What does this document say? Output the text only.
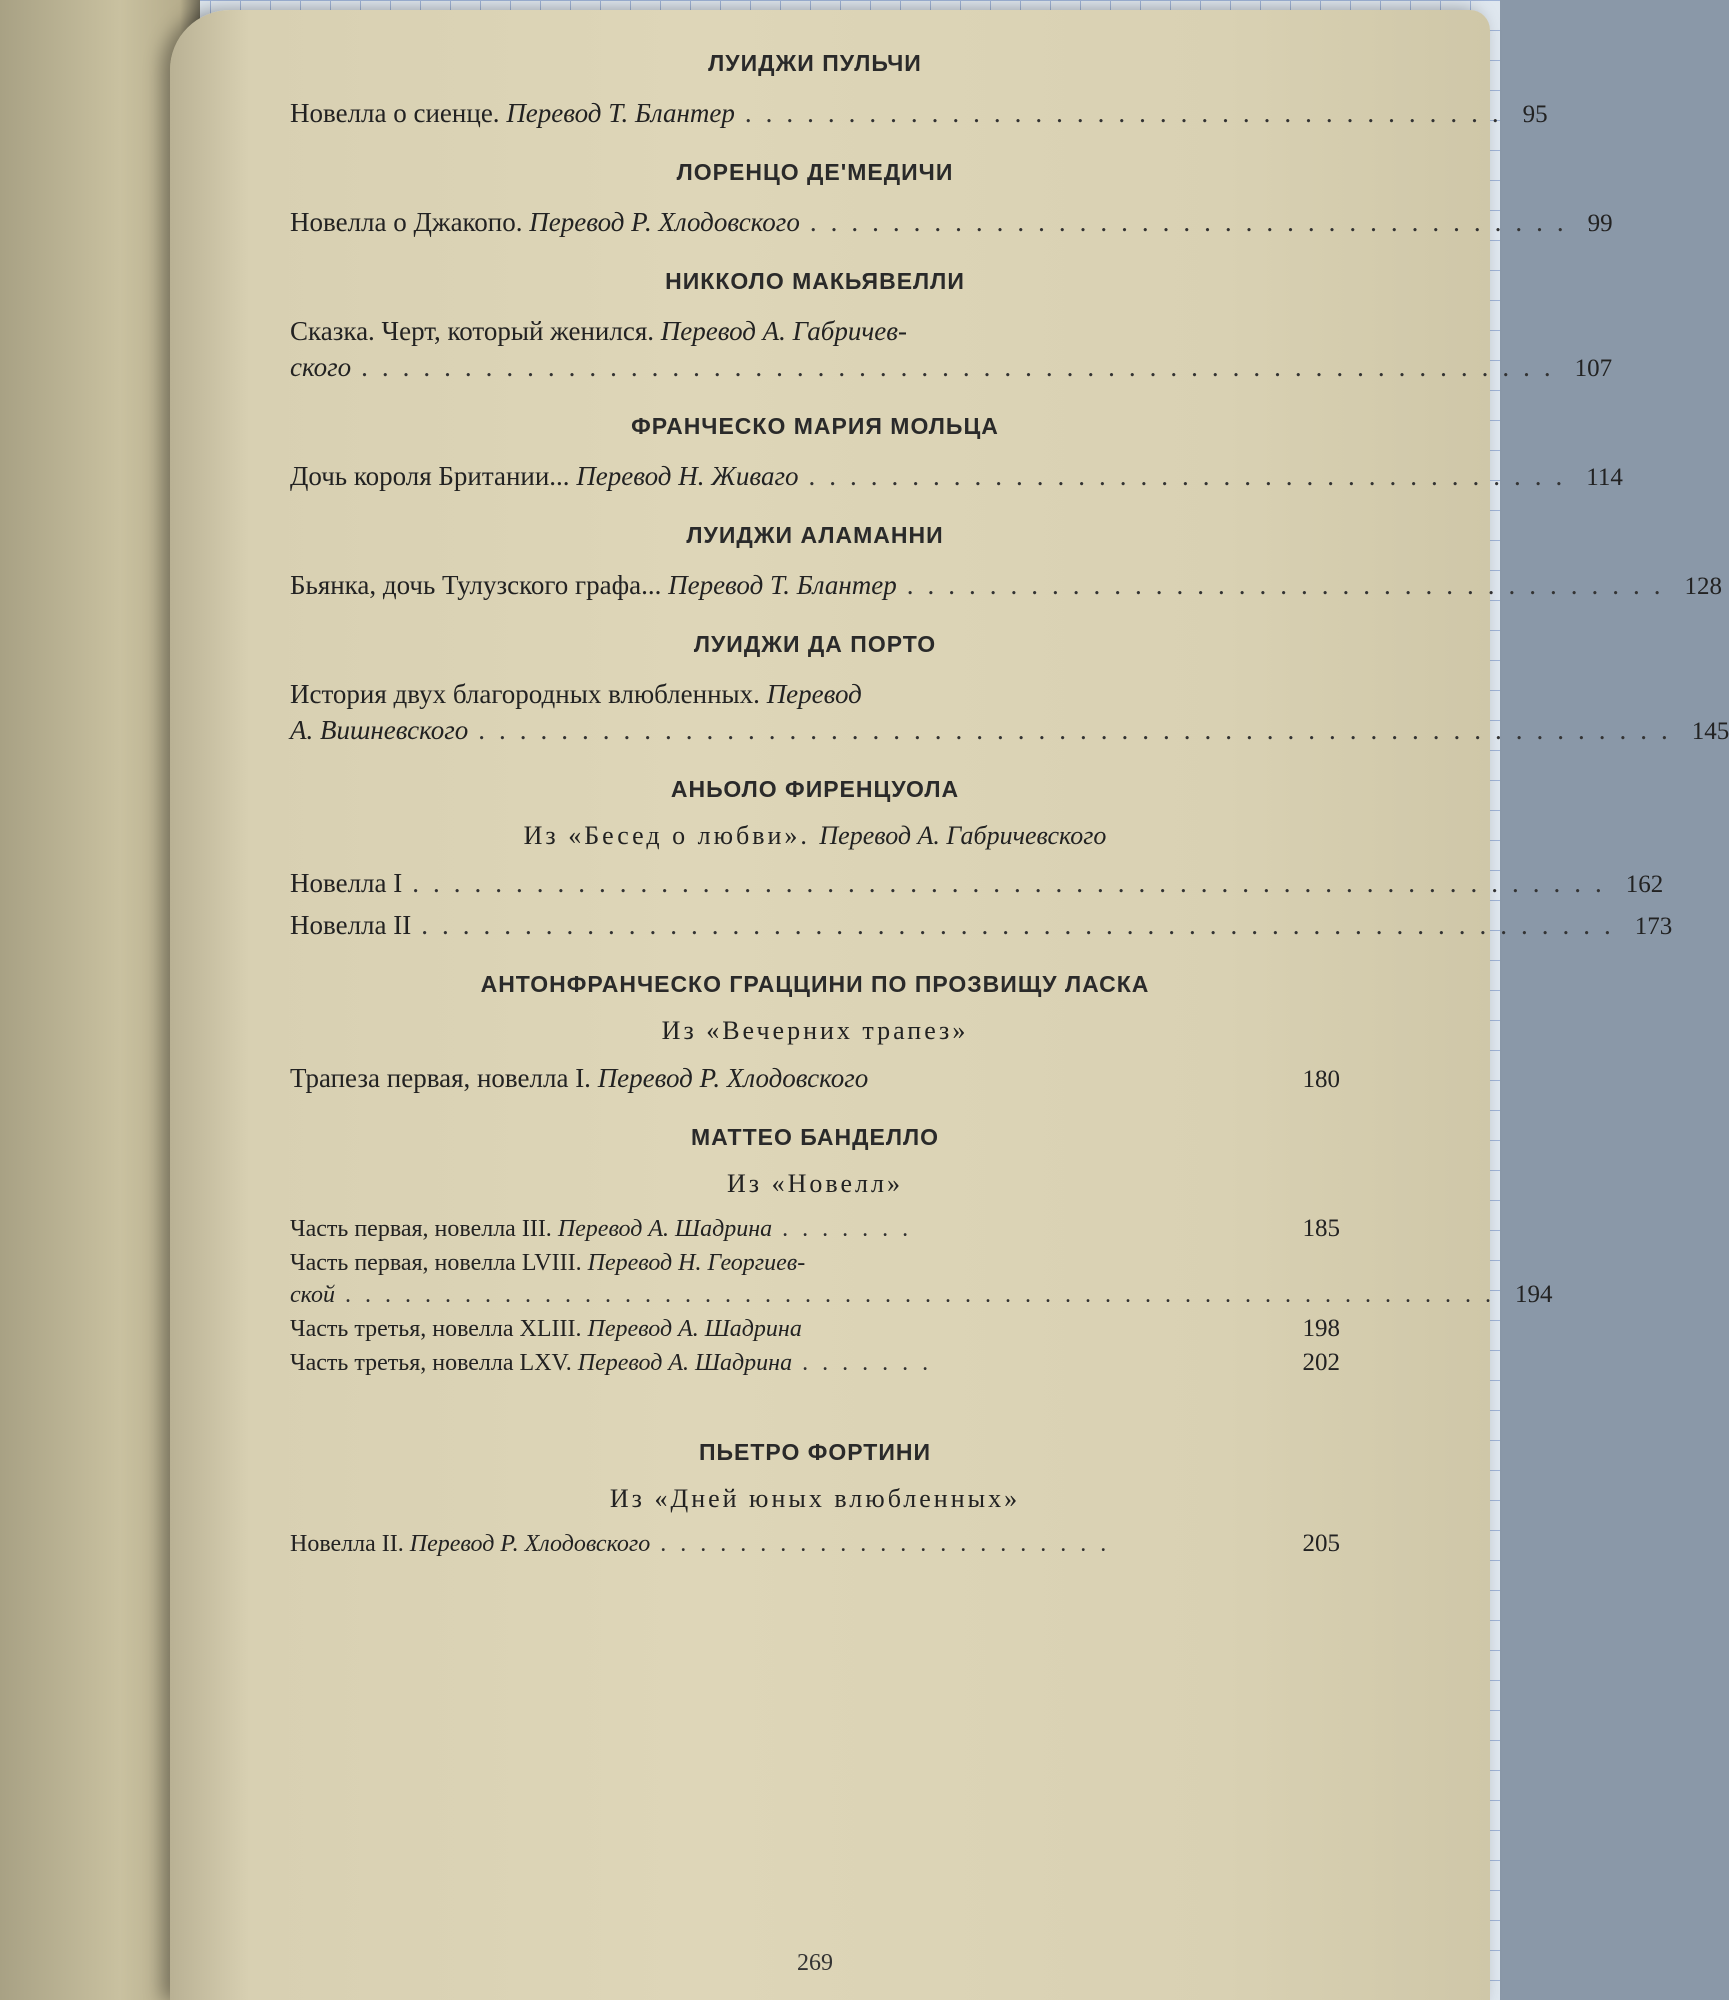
ЛУИДЖИ ПУЛЬЧИ
Новелла о сиенце. Перевод Т. Блантер ..................................... 95
ЛОРЕНЦО ДЕ'МЕДИЧИ
Новелла о Джакопо. Перевод Р. Хлодовского ..................................... 99
НИККОЛО МАКЬЯВЕЛЛИ
Сказка. Черт, который женился. Перевод А. Габричев-
ского .......................................................... 107
ФРАНЧЕСКО МАРИЯ МОЛЬЦА
Дочь короля Британии... Перевод Н. Живаго ..................................... 114
ЛУИДЖИ АЛАМАННИ
Бьянка, дочь Тулузского графа... Перевод Т. Блантер ..................................... 128
ЛУИДЖИ ДА ПОРТО
История двух благородных влюбленных. Перевод
А. Вишневского .......................................................... 145
АНЬОЛО ФИРЕНЦУОЛА
Из «Бесед о любви». Перевод А. Габричевского
Новелла I .......................................................... 162
Новелла II .......................................................... 173
АНТОНФРАНЧЕСКО ГРАЦЦИНИ ПО ПРОЗВИЩУ ЛАСКА
Из «Вечерних трапез»
Трапеза первая, новелла I. Перевод Р. Хлодовского	180
МАТТЕО БАНДЕЛЛО
Из «Новелл»
Часть первая, новелла III. Перевод А. Шадрина .......	185
Часть первая, новелла LVIII. Перевод Н. Георгиев-
ской .......................................................... 194
Часть третья, новелла XLIII. Перевод А. Шадрина	198
Часть третья, новелла LXV. Перевод А. Шадрина .......	202
ПЬЕТРО ФОРТИНИ
Из «Дней юных влюбленных»
Новелла II. Перевод Р. Хлодовского .......................	205
269
